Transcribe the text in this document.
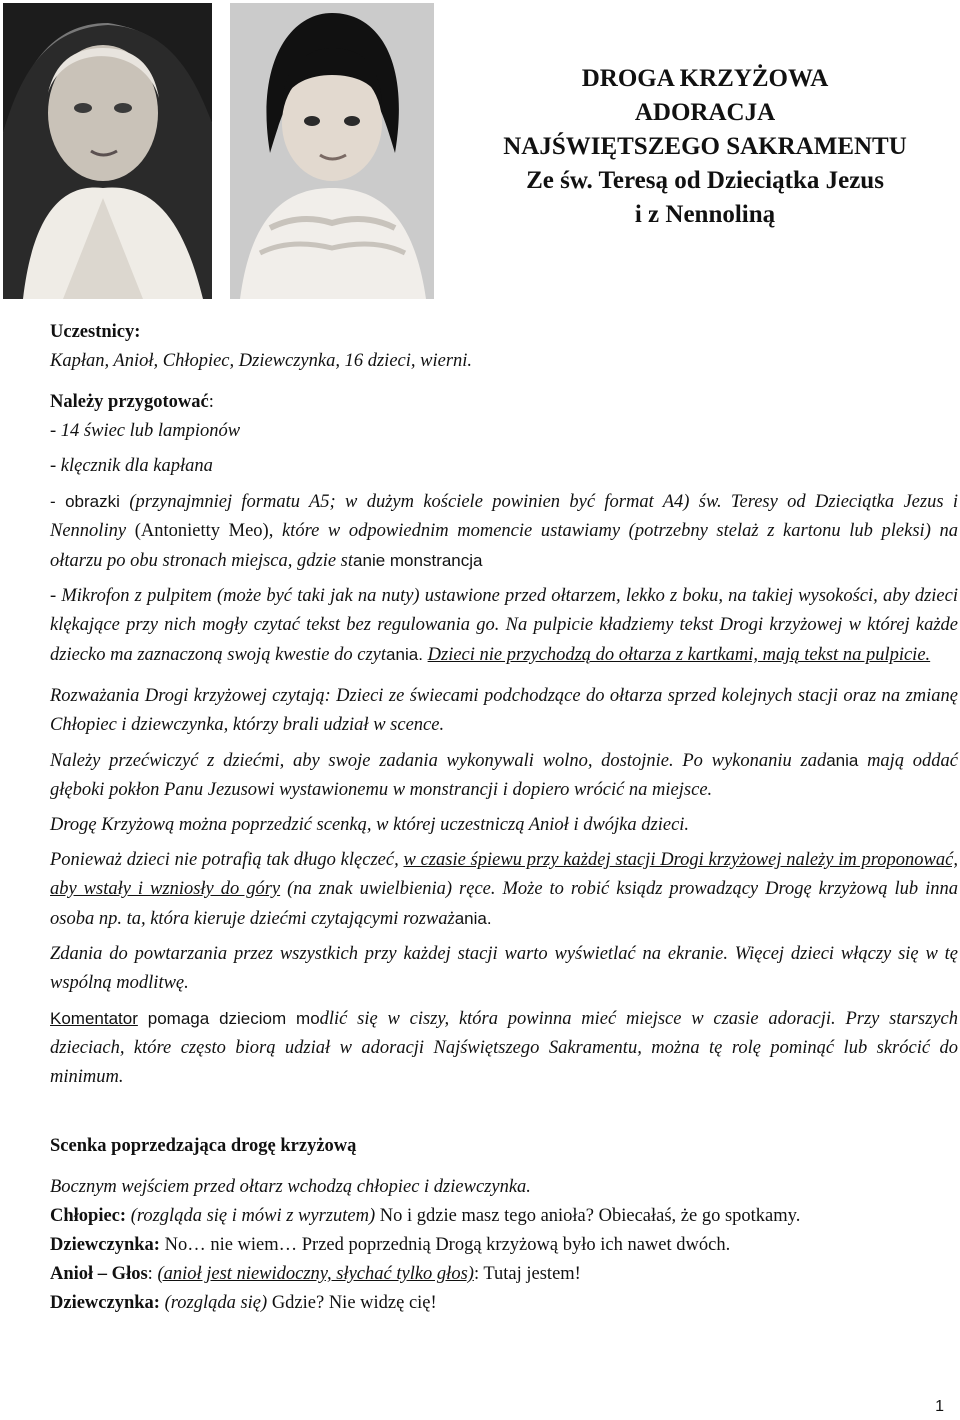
DROGA KRZYŻOWA
ADORACJA
NAJŚWIĘTSZEGO SAKRAMENTU
Ze św. Teresą od Dzieciątka Jezus
i z Nennoliną

Uczestnicy:

Kapłan, Anioł, Chłopiec, Dziewczynka, 16 dzieci, wierni.

Należy przygotować:

- 14 świec lub lampionów

- klęcznik dla kapłana

- obrazki (przynajmniej formatu A5; w dużym kościele powinien być format A4) św. Teresy od Dzieciątka Jezus i Nennoliny (Antonietty Meo), które w odpowiednim momencie ustawiamy (potrzebny stelaż z kartonu lub pleksi) na ołtarzu po obu stronach miejsca, gdzie stanie monstrancja

- Mikrofon z pulpitem (może być taki jak na nuty) ustawione przed ołtarzem, lekko z boku, na takiej wysokości, aby dzieci klękające przy nich mogły czytać tekst bez regulowania go. Na pulpicie kładziemy tekst Drogi krzyżowej w której każde dziecko ma zaznaczoną swoją kwestie do czytania. Dzieci nie przychodzą do ołtarza z kartkami, mają tekst na pulpicie.

Rozważania Drogi krzyżowej czytają: Dzieci ze świecami podchodzące do ołtarza sprzed kolejnych stacji oraz na zmianę Chłopiec i dziewczynka, którzy brali udział w scence.

Należy przećwiczyć z dziećmi, aby swoje zadania wykonywali wolno, dostojnie. Po wykonaniu zadania mają oddać głęboki pokłon Panu Jezusowi wystawionemu w monstrancji i dopiero wrócić na miejsce.

Drogę Krzyżową można poprzedzić scenką, w której uczestniczą Anioł i dwójka dzieci.

Ponieważ dzieci nie potrafią tak długo klęczeć, w czasie śpiewu przy każdej stacji Drogi krzyżowej należy im proponować, aby wstały i wzniosły do góry (na znak uwielbienia) ręce. Może to robić ksiądz prowadzący Drogę krzyżową lub inna osoba np. ta, która kieruje dziećmi czytającymi rozważania.

Zdania do powtarzania przez wszystkich przy każdej stacji warto wyświetlać na ekranie. Więcej dzieci włączy się w tę wspólną modlitwę.

Komentator pomaga dzieciom modlić się w ciszy, która powinna mieć miejsce w czasie adoracji. Przy starszych dzieciach, które często biorą udział w adoracji Najświętszego Sakramentu, można tę rolę pominąć lub skrócić do minimum.

Scenka poprzedzająca drogę krzyżową

Bocznym wejściem przed ołtarz wchodzą chłopiec i dziewczynka.

Chłopiec: (rozgląda się i mówi z wyrzutem) No i gdzie masz tego anioła? Obiecałaś, że go spotkamy.

Dziewczynka: No… nie wiem… Przed poprzednią Drogą krzyżową było ich nawet dwóch.

Anioł – Głos: (anioł jest niewidoczny, słychać tylko głos): Tutaj jestem!

Dziewczynka: (rozgląda się) Gdzie? Nie widzę cię!

1
